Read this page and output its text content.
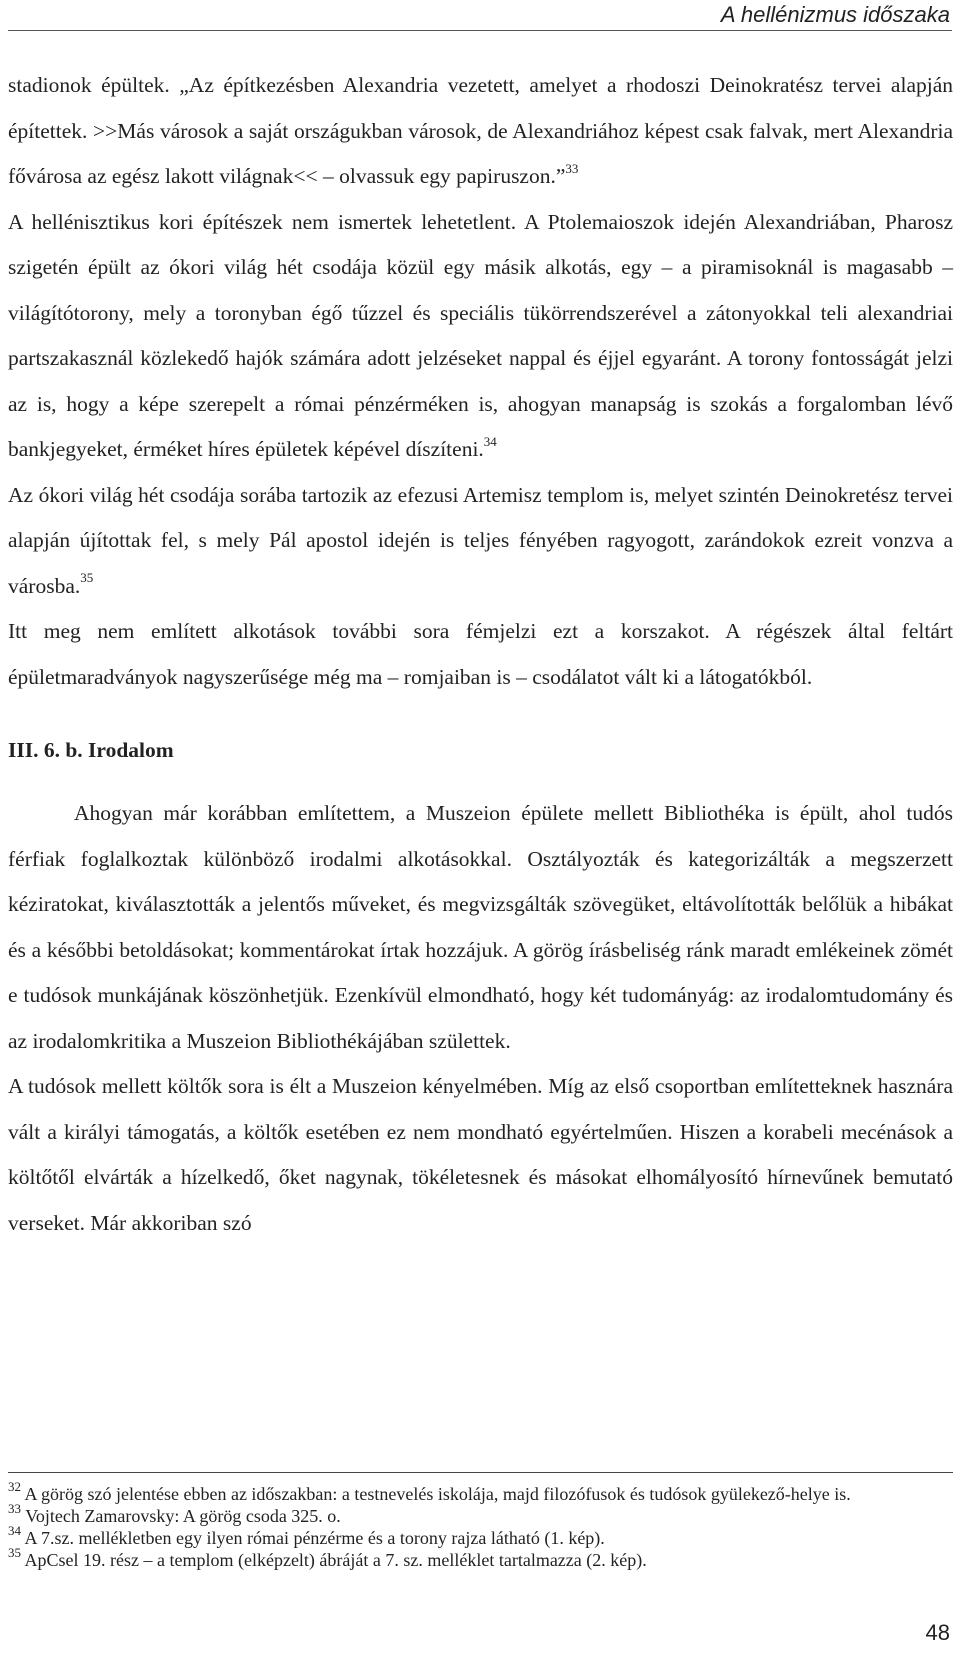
A hellénizmus időszaka

stadionok épültek. „Az építkezésben Alexandria vezetett, amelyet a rhodoszi Deinokratész tervei alapján építettek. >>Más városok a saját országukban városok, de Alexandriához képest csak falvak, mert Alexandria fővárosa az egész lakott világnak<< – olvassuk egy papiruszon.”$^{33}$

A hellénisztikus kori építészek nem ismertek lehetetlent. A Ptolemaioszok idején Alexandriában, Pharosz szigetén épült az ókori világ hét csodája közül egy másik alkotás, egy – a piramisoknál is magasabb – világítótorony, mely a toronyban égő tűzzel és speciális tükörrendszerével a zátonyokkal teli alexandriai partszakasznál közlekedő hajók számára adott jelzéseket nappal és éjjel egyaránt. A torony fontosságát jelzi az is, hogy a képe szerepelt a római pénzérméken is, ahogyan manapság is szokás a forgalomban lévő bankjegyeket, érméket híres épületek képével díszíteni.$^{34}$

Az ókori világ hét csodája sorába tartozik az efezusi Artemisz templom is, melyet szintén Deinokretész tervei alapján újítottak fel, s mely Pál apostol idején is teljes fényében ragyogott, zarándokok ezreit vonzva a városba.$^{35}$

Itt meg nem említett alkotások további sora fémjelzi ezt a korszakot. A régészek által feltárt épületmaradványok nagyszerűsége még ma – romjaiban is – csodálatot vált ki a látogatókból.

III. 6. b. Irodalom

Ahogyan már korábban említettem, a Muszeion épülete mellett Bibliothéka is épült, ahol tudós férfiak foglalkoztak különböző irodalmi alkotásokkal. Osztályozták és kategorizálták a megszerzett kéziratokat, kiválasztották a jelentős műveket, és megvizsgálták szövegüket, eltávolították belőlük a hibákat és a későbbi betoldásokat; kommentárokat írtak hozzájuk. A görög írásbeliség ránk maradt emlékeinek zömét e tudósok munkájának köszönhetjük. Ezenkívül elmondható, hogy két tudományág: az irodalomtudomány és az irodalomkritika a Muszeion Bibliothékájában születtek.

A tudósok mellett költők sora is élt a Muszeion kényelmében. Míg az első csoportban említetteknek hasznára vált a királyi támogatás, a költők esetében ez nem mondható egyértelműen. Hiszen a korabeli mecénások a költőtől elvárták a hízelkedő, őket nagynak, tökéletesnek és másokat elhomályosító hírnevűnek bemutató verseket. Már akkoriban szó

$^{32}$ A görög szó jelentése ebben az időszakban: a testnevelés iskolája, majd filozófusok és tudósok gyülekező-helye is.

$^{33}$ Vojtech Zamarovsky: A görög csoda 325. o.

$^{34}$ A 7.sz. mellékletben egy ilyen római pénzérme és a torony rajza látható (1. kép).

$^{35}$ ApCsel 19. rész – a templom (elképzelt) ábráját a 7. sz. melléklet tartalmazza (2. kép).

48
